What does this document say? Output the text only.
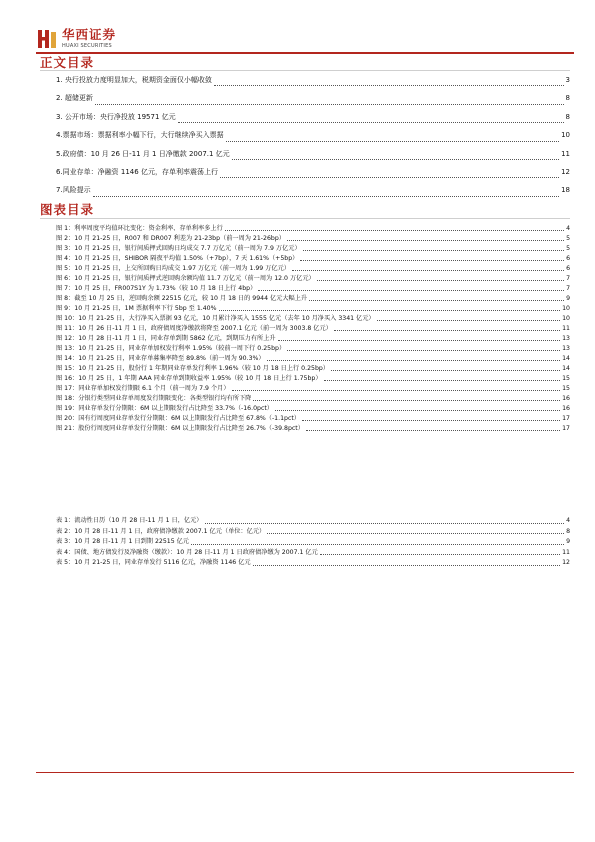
华西证券
HUAXI SECURITIES
正文目录
1. 央行投放力度明显加大，税期资金面仅小幅收敛	3
2. 超储更新	8
3. 公开市场：央行净投放 19571 亿元	8
4.票据市场：票据利率小幅下行，大行继续净买入票据	10
5.政府债：10 月 26 日-11 月 1 日净缴款 2007.1 亿元	11
6.同业存单：净融资 1146 亿元，存单利率震荡上行	12
7.风险提示	18
图表目录
图 1：利率周度平均值环比变化：资金利率、存单利率多上行	4
图 2：10 月 21-25 日，R007 和 DR007 利差为 21-23bp（前一周为 21-26bp）	5
图 3：10 月 21-25 日，银行间质押式回购日均成交 7.7 万亿元（前一周为 7.9 万亿元）	5
图 4：10 月 21-25 日，SHIBOR 隔夜平均值 1.50%（+7bp），7 天 1.61%（+5bp）	6
图 5：10 月 21-25 日，上交所回购日均成交 1.97 万亿元（前一周为 1.99 万亿元）	6
图 6：10 月 21-25 日，银行间质押式逆回购余额均值 11.7 万亿元（前一周为 12.0 万亿元）	7
图 7：10 月 25 日，FR007S1Y 为 1.73%（较 10 月 18 日上行 4bp）	7
图 8：截至 10 月 25 日，逆回购余额 22515 亿元，较 10 月 18 日的 9944 亿元大幅上升	9
图 9：10 月 21-25 日，1M 票据利率下行 5bp 至 1.40%	10
图 10：10 月 21-25 日，大行净买入票据 93 亿元，10 月累计净买入 1555 亿元（去年 10 月净买入 3341 亿元）	10
图 11：10 月 26 日-11 月 1 日，政府债周度净缴款将降至 2007.1 亿元（前一周为 3003.8 亿元）	11
图 12：10 月 28 日-11 月 1 日，同业存单到期 5862 亿元，到期压力有所上升	13
图 13：10 月 21-25 日，同业存单加权发行利率 1.95%（较前一周下行 0.25bp）	13
图 14：10 月 21-25 日，同业存单募集率降至 89.8%（前一周为 90.3%）	14
图 15：10 月 21-25 日，股份行 1 年期同业存单发行利率 1.96%（较 10 月 18 日上行 0.25bp）	14
图 16：10 月 25 日，1 年期 AAA 同业存单到期收益率 1.95%（较 10 月 18 日上行 1.75bp）	15
图 17：同业存单加权发行期限 6.1 个月（前一周为 7.9 个月）	15
图 18：分银行类型同业存单周度发行期限变化：各类型银行均有所下降	16
图 19：同业存单发行分期限：6M 以上期限发行占比降至 33.7%（-16.0pct）	16
图 20：国有行周度同业存单发行分期限：6M 以上期限发行占比降至 67.8%（-1.1pct）	17
图 21：股份行周度同业存单发行分期限：6M 以上期限发行占比降至 26.7%（-39.8pct）	17
表 1：流动性日历（10 月 28 日-11 月 1 日，亿元）	4
表 2：10 月 28 日-11 月 1 日，政府债净缴款 2007.1 亿元（单位：亿元）	8
表 3：10 月 28 日-11 月 1 日到期 22515 亿元	9
表 4：国债、地方债发行及净融资（缴款）：10 月 28 日-11 月 1 日政府债净缴为 2007.1 亿元	11
表 5：10 月 21-25 日，同业存单发行 5116 亿元，净融资 1146 亿元	12
